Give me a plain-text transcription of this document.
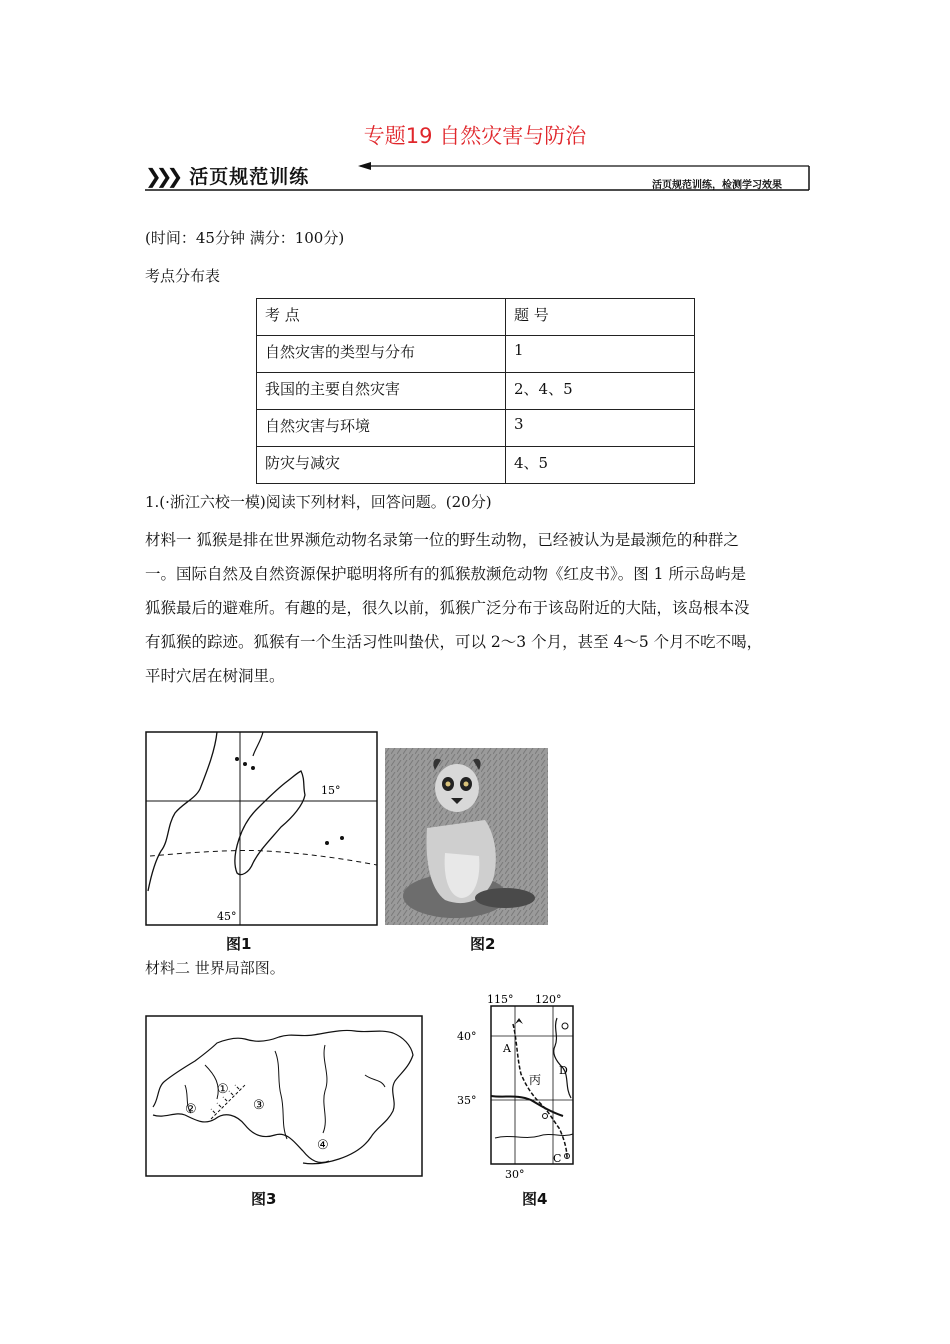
专题19 自然灾害与防治
❯❯❯ 活页规范训练	活页规范训练，检测学习效果
(时间：45分钟 满分：100分)
考点分布表
考 点	题 号
自然灾害的类型与分布	1
我国的主要自然灾害	2、4、5
自然灾害与环境	3
防灾与减灾	4、5
1.(·浙江六校一模)阅读下列材料，回答问题。(20分)
材料一 狐猴是排在世界濒危动物名录第一位的野生动物，已经被认为是最濒危的种群之
一。国际自然及自然资源保护聪明将所有的狐猴敖濒危动物《红皮书》。图 1 所示岛屿是
狐猴最后的避难所。有趣的是，很久以前，狐猴广泛分布于该岛附近的大陆，该岛根本没
有狐猴的踪迹。狐猴有一个生活习性叫蛰伏，可以 2～3 个月，甚至 4～5 个月不吃不喝，
平时穴居在树洞里。
15°
45°
图1	图2
材料二 世界局部图。
②
①
③
④
图3
115° 120°
40°
35°
30°
A
D
丙
C
图4
